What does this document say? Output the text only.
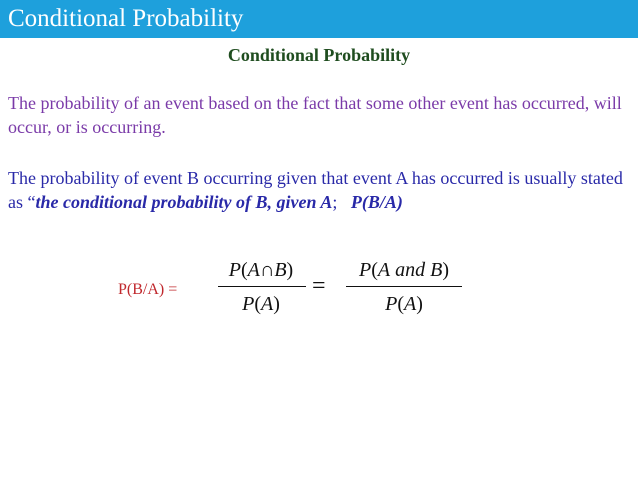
Conditional Probability
Conditional Probability
The probability of an event based on the fact that some other event has occurred, will occur, or is occurring.
The probability of event B occurring given that event A has occurred is usually stated as “the conditional probability of B, given A;   P(B/A)
P(B/A) =
P(A∩B)
P(A)
=
P(A and B)
P(A)
